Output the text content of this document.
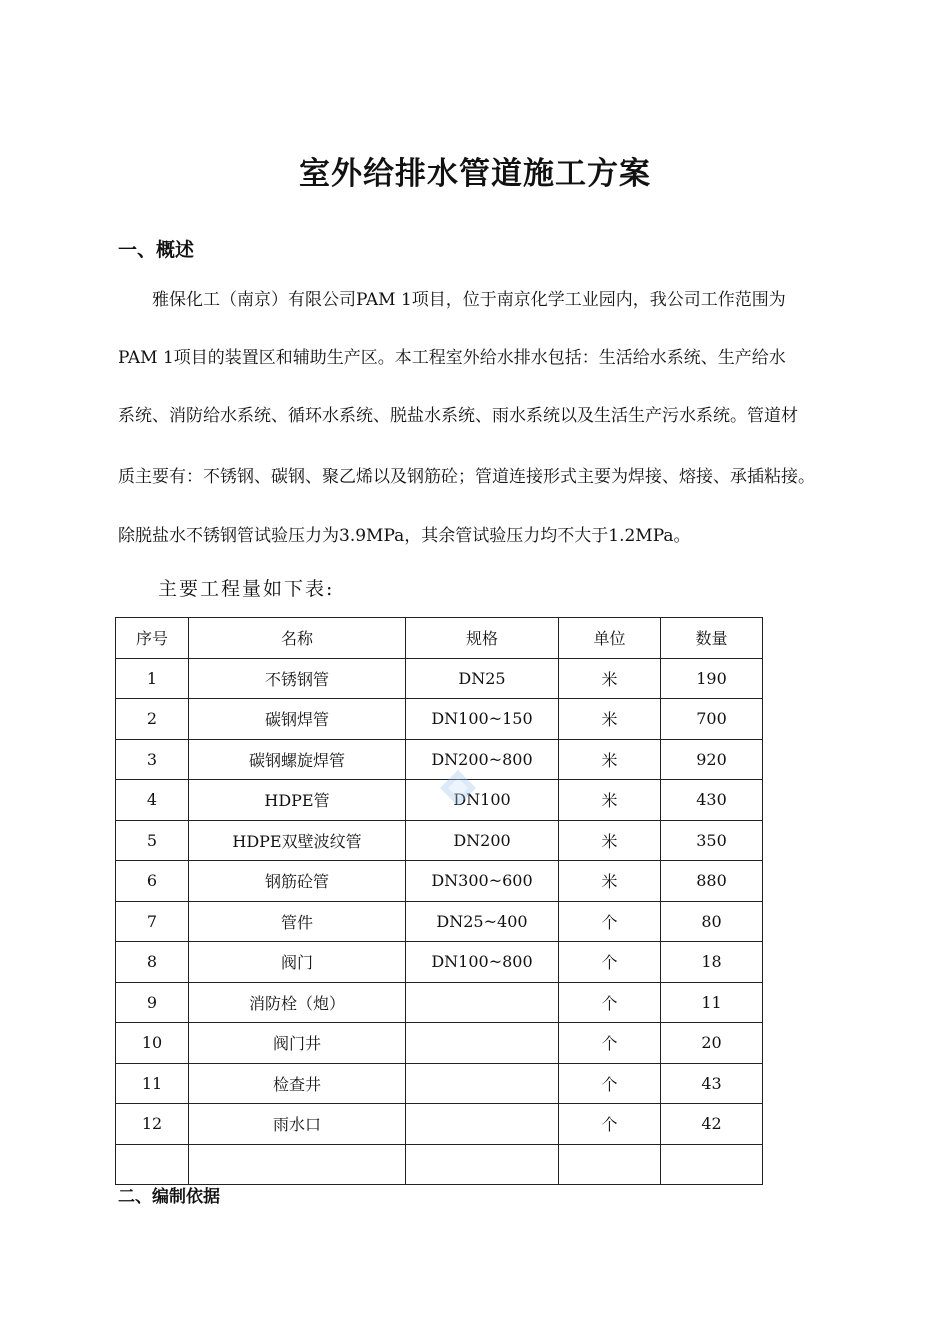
室外给排水管道施工方案
一、概述
　　雅保化工（南京）有限公司PAM 1项目，位于南京化学工业园内，我公司工作范围为
PAM 1项目的装置区和辅助生产区。本工程室外给水排水包括：生活给水系统、生产给水
系统、消防给水系统、循环水系统、脱盐水系统、雨水系统以及生活生产污水系统。管道材
质主要有：不锈钢、碳钢、聚乙烯以及钢筋砼；管道连接形式主要为焊接、熔接、承插粘接。
除脱盐水不锈钢管试验压力为3.9MPa，其余管试验压力均不大于1.2MPa。
主要工程量如下表:
序号	名称	规格	单位	数量
1	不锈钢管	DN25	米	190
2	碳钢焊管	DN100~150	米	700
3	碳钢螺旋焊管	DN200~800	米	920
4	HDPE管	DN100	米	430
5	HDPE双壁波纹管	DN200	米	350
6	钢筋砼管	DN300~600	米	880
7	管件	DN25~400	个	80
8	阀门	DN100~800	个	18
9	消防栓（炮）		个	11
10	阀门井		个	20
11	检查井		个	43
12	雨水口		个	42

二、编制依据
